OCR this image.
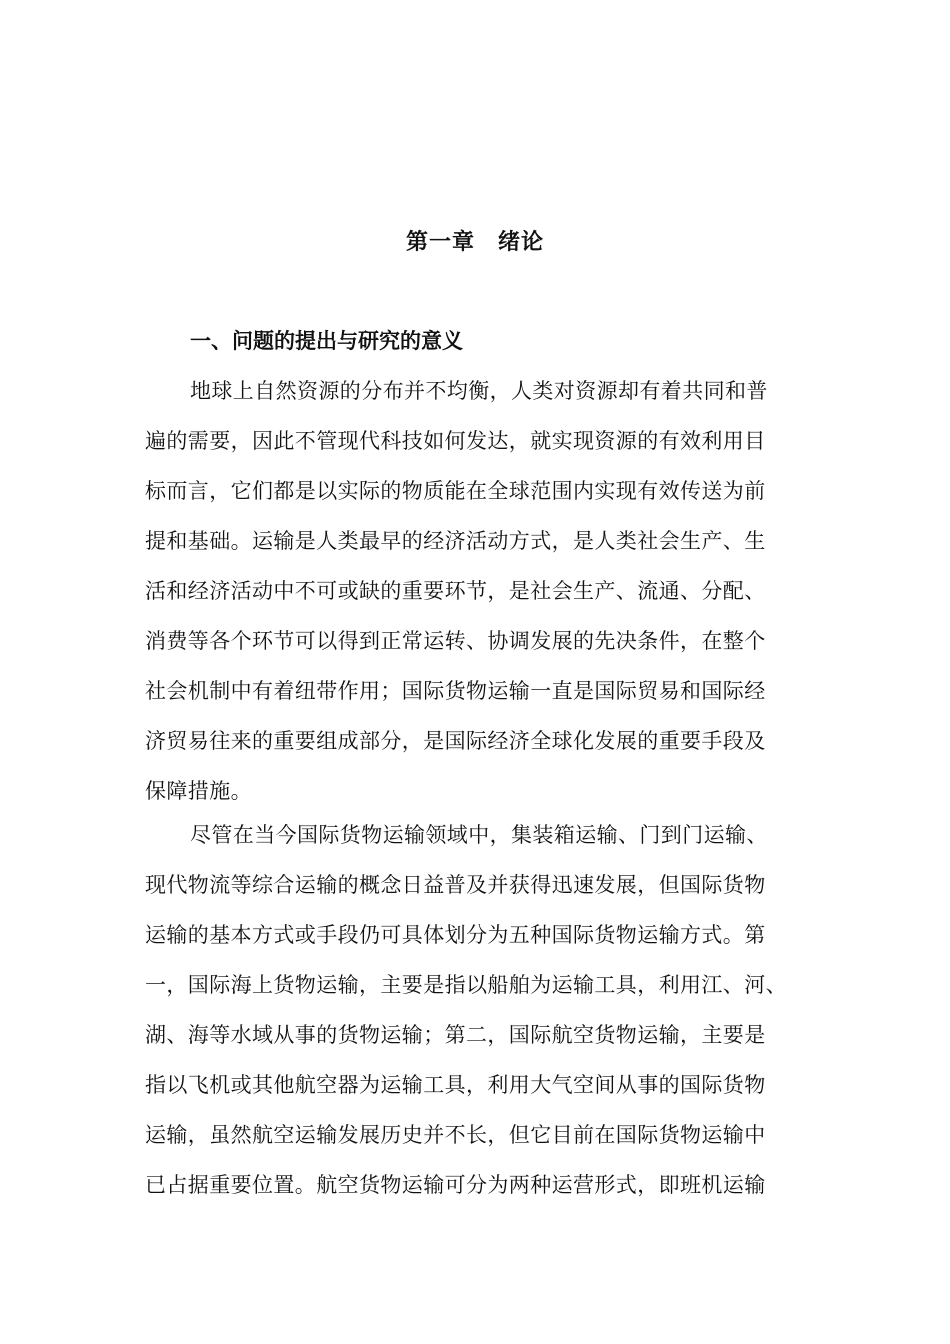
第一章　绪论
一、问题的提出与研究的意义
地球上自然资源的分布并不均衡，人类对资源却有着共同和普
遍的需要，因此不管现代科技如何发达，就实现资源的有效利用目
标而言，它们都是以实际的物质能在全球范围内实现有效传送为前
提和基础。运输是人类最早的经济活动方式，是人类社会生产、生
活和经济活动中不可或缺的重要环节，是社会生产、流通、分配、
消费等各个环节可以得到正常运转、协调发展的先决条件，在整个
社会机制中有着纽带作用；国际货物运输一直是国际贸易和国际经
济贸易往来的重要组成部分，是国际经济全球化发展的重要手段及
保障措施。
尽管在当今国际货物运输领域中，集装箱运输、门到门运输、
现代物流等综合运输的概念日益普及并获得迅速发展，但国际货物
运输的基本方式或手段仍可具体划分为五种国际货物运输方式。第
一，国际海上货物运输，主要是指以船舶为运输工具，利用江、河、
湖、海等水域从事的货物运输；第二，国际航空货物运输，主要是
指以飞机或其他航空器为运输工具，利用大气空间从事的国际货物
运输，虽然航空运输发展历史并不长，但它目前在国际货物运输中
已占据重要位置。航空货物运输可分为两种运营形式，即班机运输
